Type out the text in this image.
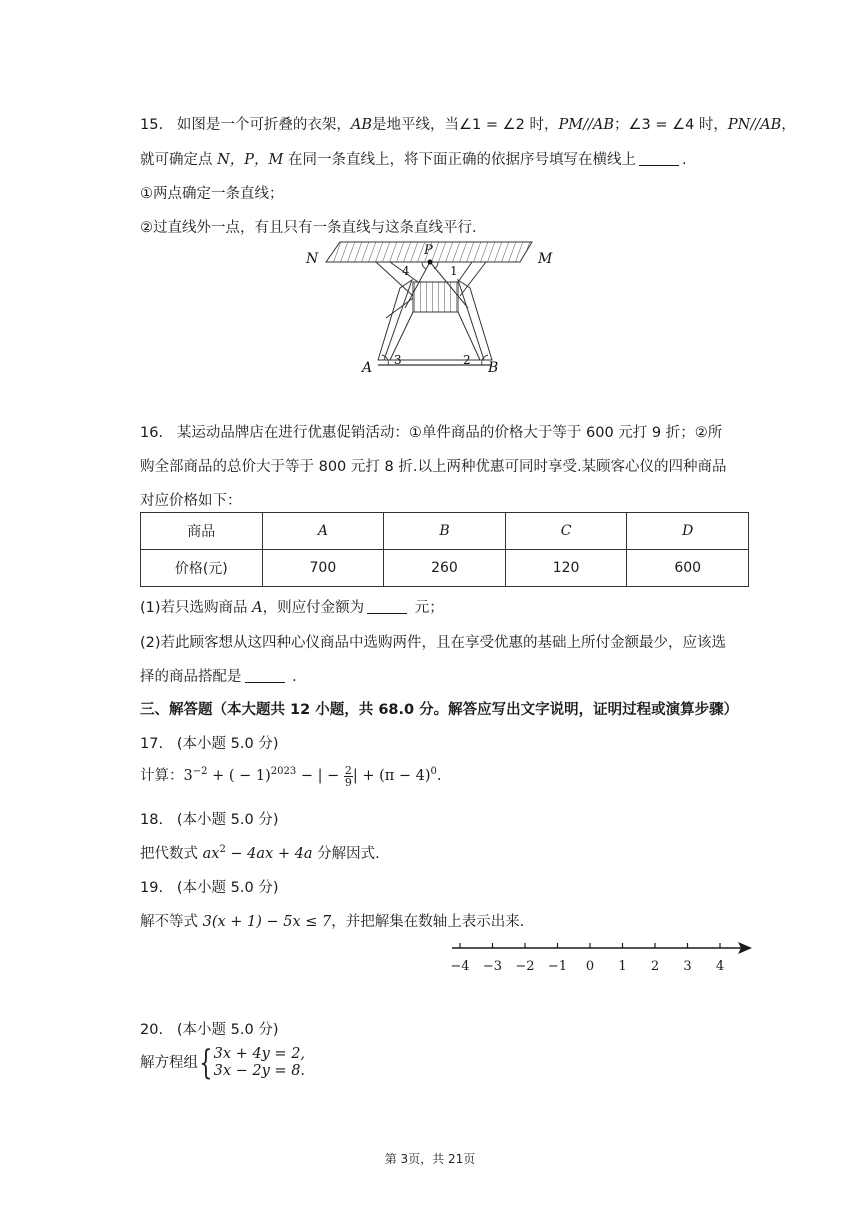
15. 如图是一个可折叠的衣架，AB是地平线，当∠1 = ∠2 时，PM//AB；∠3 = ∠4 时，PN//AB，
就可确定点 N，P，M 在同一条直线上，将下面正确的依据序号填写在横线上	.
①两点确定一条直线；
②过直线外一点，有且只有一条直线与这条直线平行．
N	M
P
4	1
A	B
3	2
16. 某运动品牌店在进行优惠促销活动：①单件商品的价格大于等于 600 元打 9 折；②所
购全部商品的总价大于等于 800 元打 8 折.以上两种优惠可同时享受.某顾客心仪的四种商品
对应价格如下：
商品	A	B	C	D
价格(元)	700	260	120	600
(1)若只选购商品 A，则应付金额为	元；
(2)若此顾客想从这四种心仪商品中选购两件，且在享受优惠的基础上所付金额最少，应该选
择的商品搭配是	.
三、解答题（本大题共 12 小题，共 68.0 分。解答应写出文字说明，证明过程或演算步骤）
17. (本小题 5.0 分)
计算：$3^{-2}$ + ( − 1)$^{2023}$ − | − $\frac{2}{9}$ | + $(\pi - 4)^0$.
18. (本小题 5.0 分)
把代数式 $ax^2 - 4ax + 4a$ 分解因式.
19. (本小题 5.0 分)
解不等式 3(x + 1) − 5x ≤ 7，并把解集在数轴上表示出来.
−4 −3 −2 −1 0 1 2 3 4
20. (本小题 5.0 分)
解方程组{ 3x + 4y = 2,
3x − 2y = 8.
第 3页，共 21页
